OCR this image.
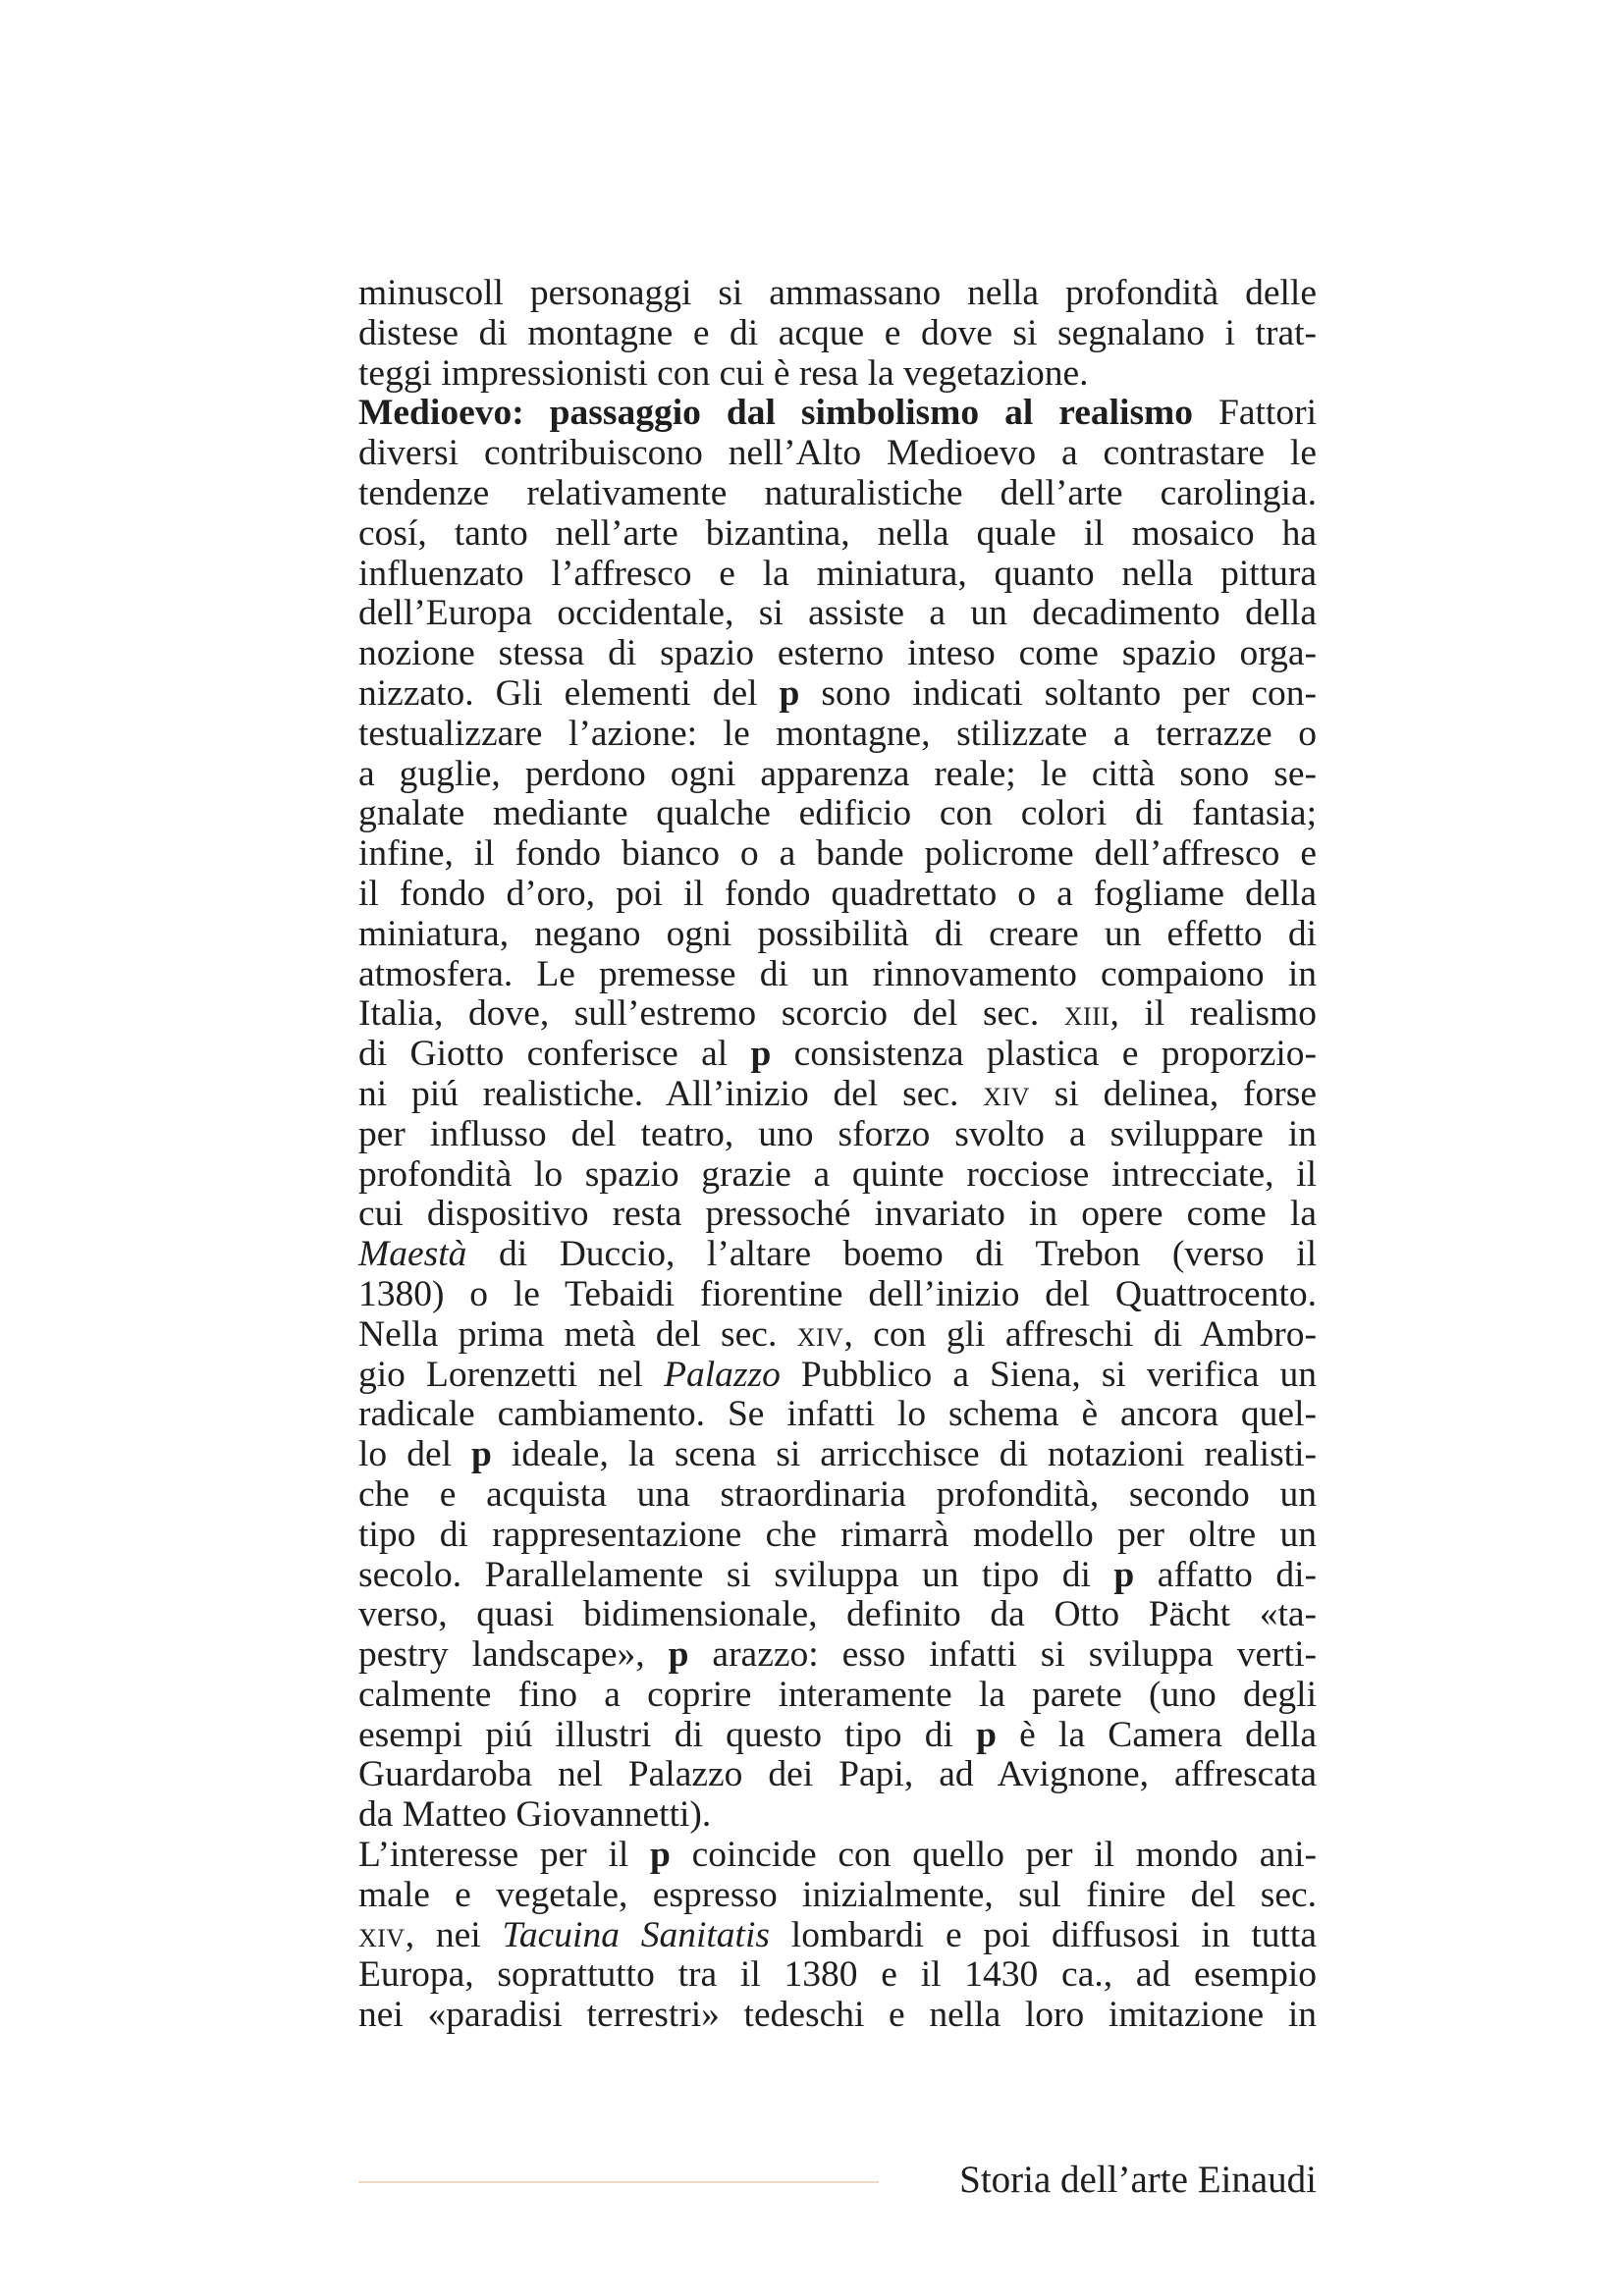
minuscoll personaggi si ammassano nella profondità delle
distese di montagne e di acque e dove si segnalano i trat-
teggi impressionisti con cui è resa la vegetazione.
Medioevo: passaggio dal simbolismo al realismo Fattori
diversi contribuiscono nell’Alto Medioevo a contrastare le
tendenze relativamente naturalistiche dell’arte carolingia.
cosí, tanto nell’arte bizantina, nella quale il mosaico ha
influenzato l’affresco e la miniatura, quanto nella pittura
dell’Europa occidentale, si assiste a un decadimento della
nozione stessa di spazio esterno inteso come spazio orga-
nizzato. Gli elementi del p sono indicati soltanto per con-
testualizzare l’azione: le montagne, stilizzate a terrazze o
a guglie, perdono ogni apparenza reale; le città sono se-
gnalate mediante qualche edificio con colori di fantasia;
infine, il fondo bianco o a bande policrome dell’affresco e
il fondo d’oro, poi il fondo quadrettato o a fogliame della
miniatura, negano ogni possibilità di creare un effetto di
atmosfera. Le premesse di un rinnovamento compaiono in
Italia, dove, sull’estremo scorcio del sec. xiii, il realismo
di Giotto conferisce al p consistenza plastica e proporzio-
ni piú realistiche. All’inizio del sec. xiv si delinea, forse
per influsso del teatro, uno sforzo svolto a sviluppare in
profondità lo spazio grazie a quinte rocciose intrecciate, il
cui dispositivo resta pressoché invariato in opere come la
Maestà di Duccio, l’altare boemo di Trebon (verso il
1380) o le Tebaidi fiorentine dell’inizio del Quattrocento.
Nella prima metà del sec. xiv, con gli affreschi di Ambro-
gio Lorenzetti nel Palazzo Pubblico a Siena, si verifica un
radicale cambiamento. Se infatti lo schema è ancora quel-
lo del p ideale, la scena si arricchisce di notazioni realisti-
che e acquista una straordinaria profondità, secondo un
tipo di rappresentazione che rimarrà modello per oltre un
secolo. Parallelamente si sviluppa un tipo di p affatto di-
verso, quasi bidimensionale, definito da Otto Pächt «ta-
pestry landscape», p arazzo: esso infatti si sviluppa verti-
calmente fino a coprire interamente la parete (uno degli
esempi piú illustri di questo tipo di p è la Camera della
Guardaroba nel Palazzo dei Papi, ad Avignone, affrescata
da Matteo Giovannetti).
L’interesse per il p coincide con quello per il mondo ani-
male e vegetale, espresso inizialmente, sul finire del sec.
xiv, nei Tacuina Sanitatis lombardi e poi diffusosi in tutta
Europa, soprattutto tra il 1380 e il 1430 ca., ad esempio
nei «paradisi terrestri» tedeschi e nella loro imitazione in
Storia dell’arte Einaudi
